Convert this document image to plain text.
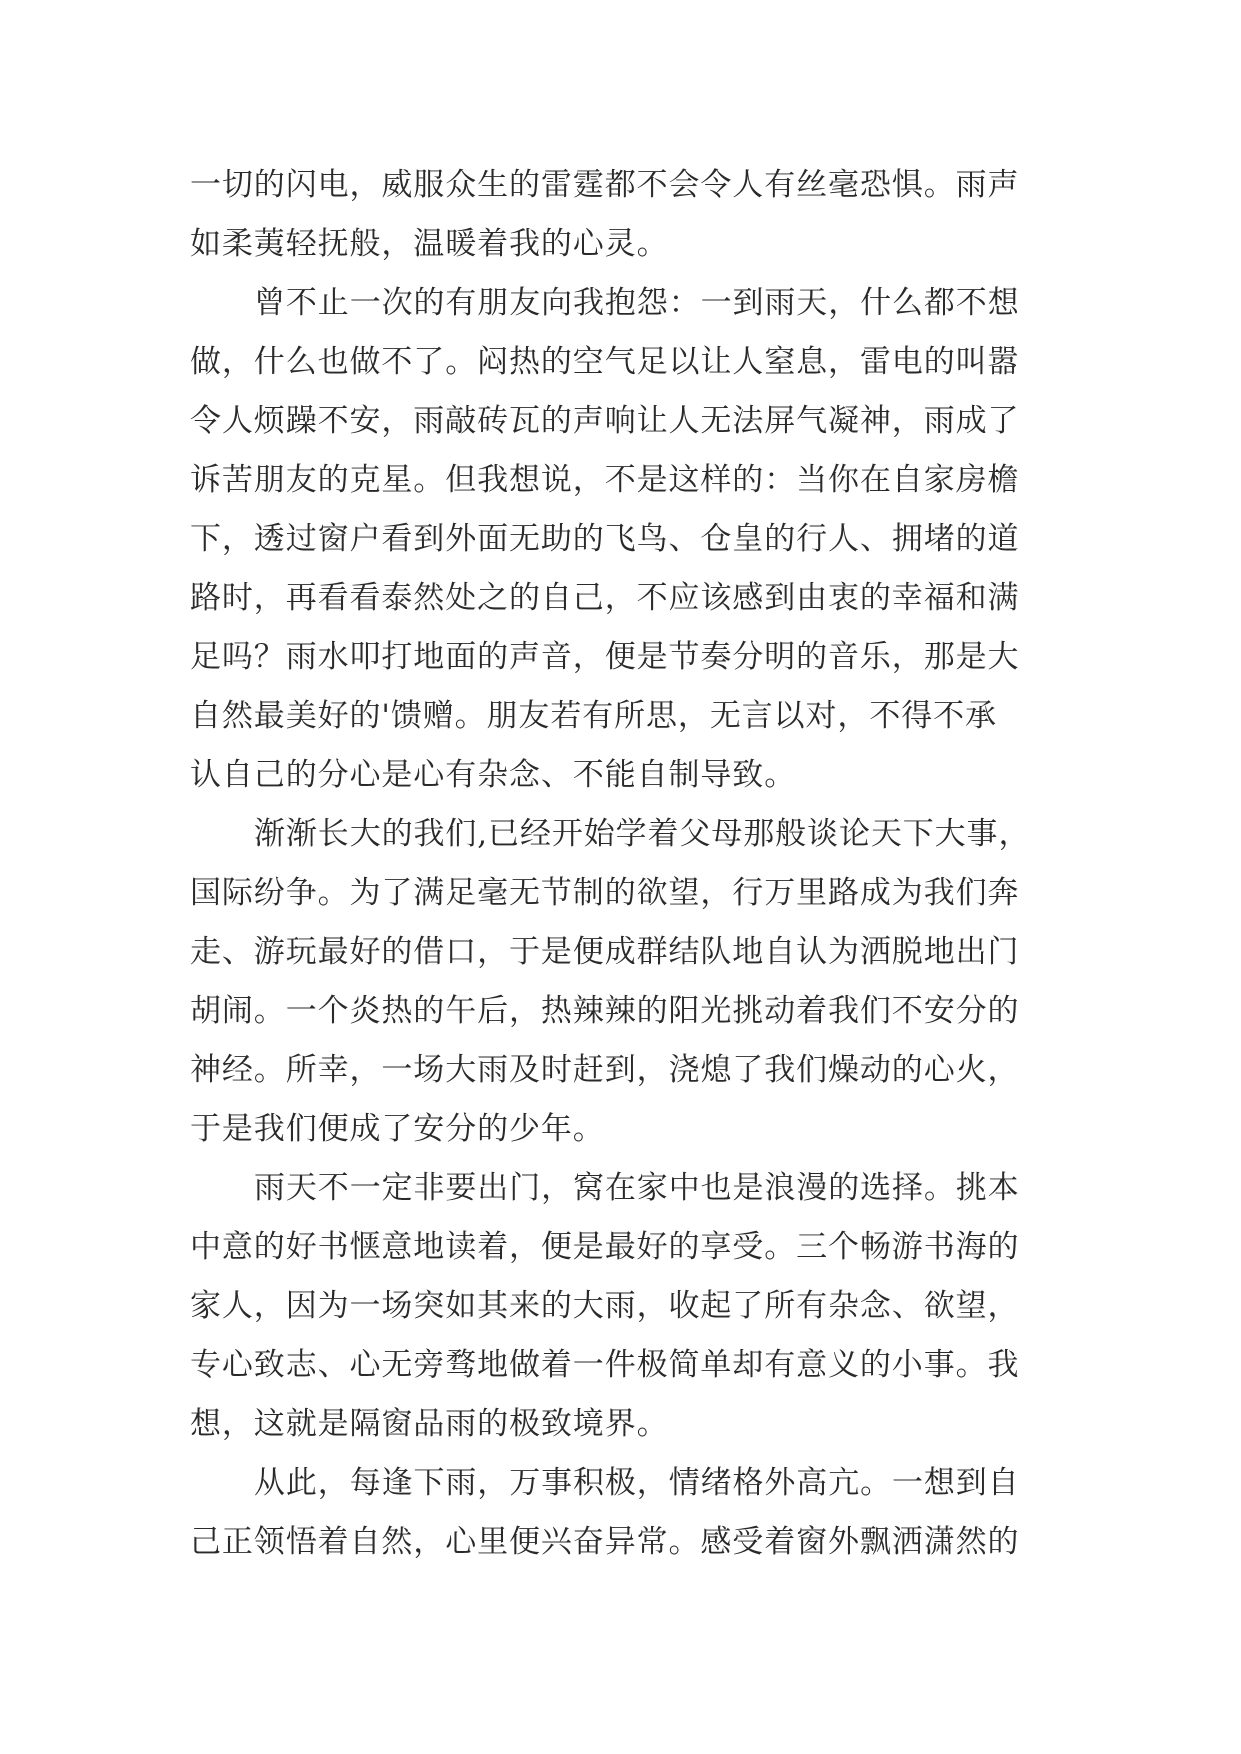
一切的闪电，威服众生的雷霆都不会令人有丝毫恐惧。雨声
如柔荑轻抚般，温暖着我的心灵。
曾不止一次的有朋友向我抱怨：一到雨天，什么都不想
做，什么也做不了。闷热的空气足以让人窒息，雷电的叫嚣
令人烦躁不安，雨敲砖瓦的声响让人无法屏气凝神，雨成了
诉苦朋友的克星。但我想说，不是这样的：当你在自家房檐
下，透过窗户看到外面无助的飞鸟、仓皇的行人、拥堵的道
路时，再看看泰然处之的自己，不应该感到由衷的幸福和满
足吗？雨水叩打地面的声音，便是节奏分明的音乐，那是大
自然最美好的'馈赠。朋友若有所思，无言以对，不得不承
认自己的分心是心有杂念、不能自制导致。
渐渐长大的我们,已经开始学着父母那般谈论天下大事，
国际纷争。为了满足毫无节制的欲望，行万里路成为我们奔
走、游玩最好的借口，于是便成群结队地自认为洒脱地出门
胡闹。一个炎热的午后，热辣辣的阳光挑动着我们不安分的
神经。所幸，一场大雨及时赶到，浇熄了我们燥动的心火，
于是我们便成了安分的少年。
雨天不一定非要出门，窝在家中也是浪漫的选择。挑本
中意的好书惬意地读着，便是最好的享受。三个畅游书海的
家人，因为一场突如其来的大雨，收起了所有杂念、欲望，
专心致志、心无旁骛地做着一件极简单却有意义的小事。我
想，这就是隔窗品雨的极致境界。
从此，每逢下雨，万事积极，情绪格外高亢。一想到自
己正领悟着自然，心里便兴奋异常。感受着窗外飘洒潇然的
